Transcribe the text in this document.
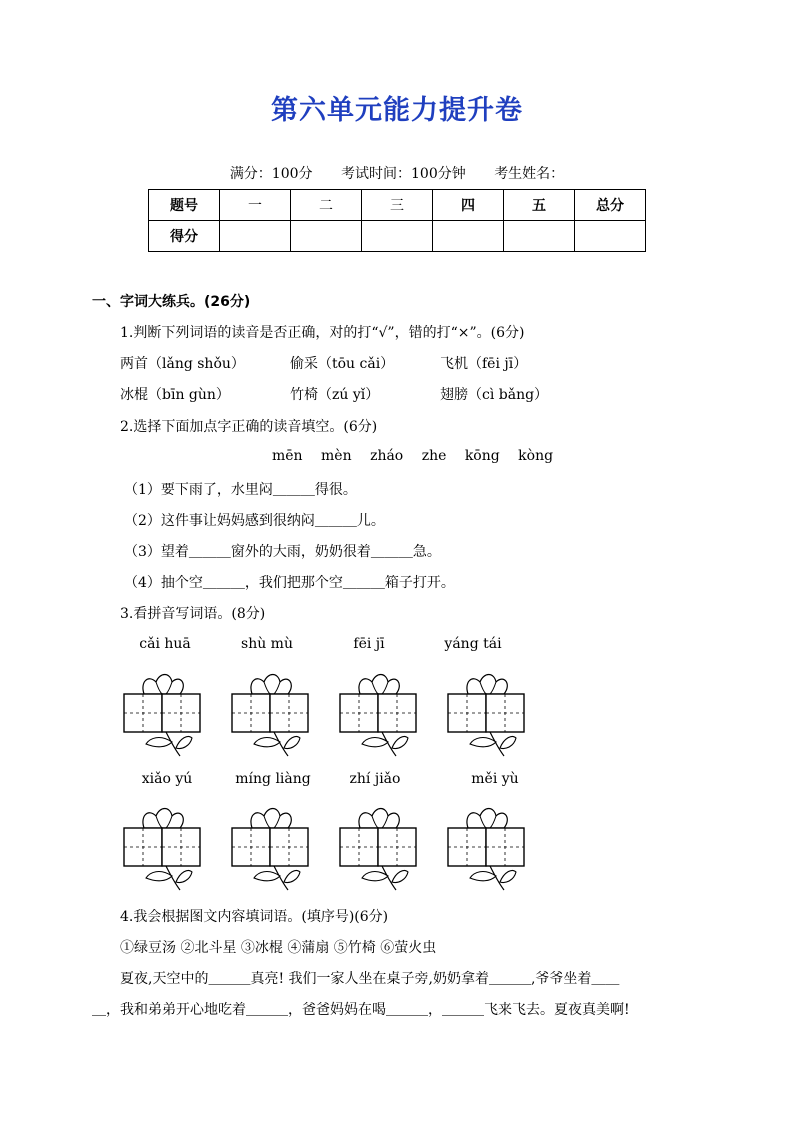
第六单元能力提升卷
满分：100分 考试时间：100分钟 考生姓名：
题号	一	二	三	四	五	总分
得分						
一、字词大练兵。(26分)
1.判断下列词语的读音是否正确，对的打“√”，错的打“×”。(6分)
两首（lǎng shǒu）	偷采（tōu cǎi）	飞机（fēi jī）
冰棍（bīn gùn）	竹椅（zú yǐ）	翅膀（cì bǎng）
2.选择下面加点字正确的读音填空。(6分)
mēn mèn zháo zhe kōng kòng
（1）要下雨了，水里闷＿＿＿得很。
（2）这件事让妈妈感到很纳闷＿＿＿儿。
（3）望着＿＿＿窗外的大雨，奶奶很着＿＿＿急。
（4）抽个空＿＿＿，我们把那个空＿＿＿箱子打开。
3.看拼音写词语。(8分)
cǎi huā	shù mù	fēi jī	yáng tái
xiǎo yú	míng liàng	zhí jiǎo	měi yù
4.我会根据图文内容填词语。(填序号)(6分)
①绿豆汤 ②北斗星 ③冰棍 ④蒲扇 ⑤竹椅 ⑥萤火虫
夏夜,天空中的＿＿＿真亮! 我们一家人坐在桌子旁,奶奶拿着＿＿＿,爷爷坐着＿＿
＿，我和弟弟开心地吃着＿＿＿，爸爸妈妈在喝＿＿＿，＿＿＿飞来飞去。夏夜真美啊!
